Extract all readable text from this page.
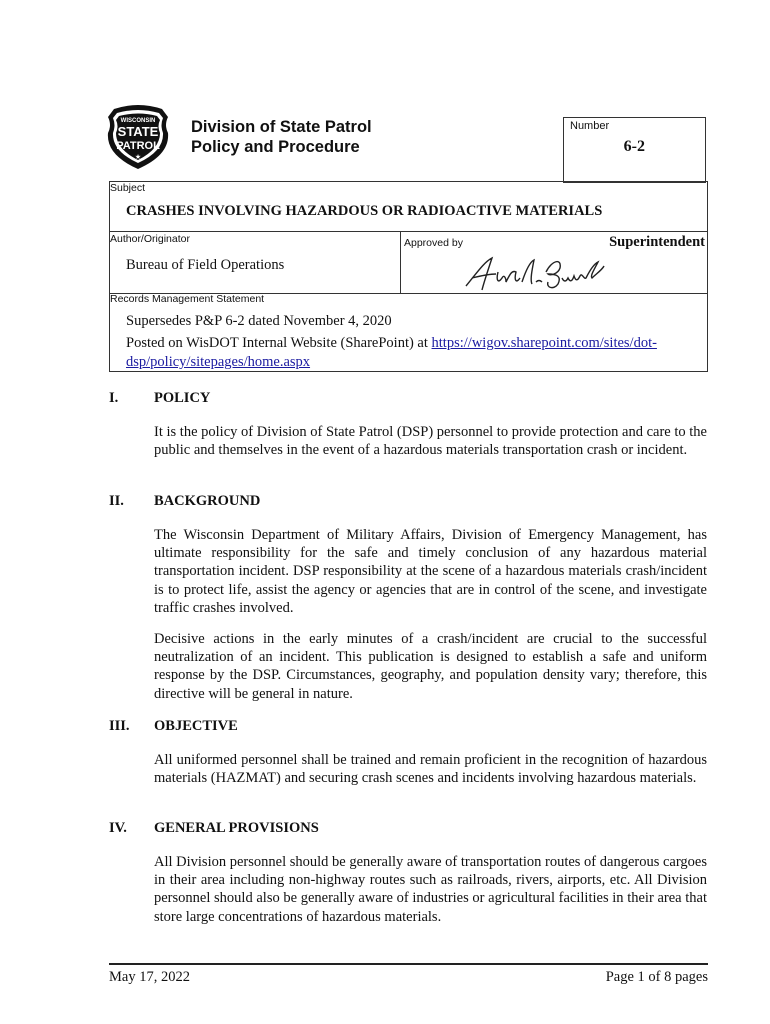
WISCONSIN
STATE
PATROL
★
Division of State Patrol
Policy and Procedure
Number
6-2
Subject
CRASHES INVOLVING HAZARDOUS OR RADIOACTIVE MATERIALS
Author/Originator
Bureau of Field Operations
Approved by	Superintendent
Records Management Statement
Supersedes P&P 6-2 dated November 4, 2020
Posted on WisDOT Internal Website (SharePoint) at https://wigov.sharepoint.com/sites/dot-dsp/policy/sitepages/home.aspx
I. POLICY
It is the policy of Division of State Patrol (DSP) personnel to provide protection and care to the public and themselves in the event of a hazardous materials transportation crash or incident.
II. BACKGROUND
The Wisconsin Department of Military Affairs, Division of Emergency Management, has ultimate responsibility for the safe and timely conclusion of any hazardous material transportation incident. DSP responsibility at the scene of a hazardous materials crash/incident is to protect life, assist the agency or agencies that are in control of the scene, and investigate traffic crashes involved.
Decisive actions in the early minutes of a crash/incident are crucial to the successful neutralization of an incident. This publication is designed to establish a safe and uniform response by the DSP. Circumstances, geography, and population density vary; therefore, this directive will be general in nature.
III. OBJECTIVE
All uniformed personnel shall be trained and remain proficient in the recognition of hazardous materials (HAZMAT) and securing crash scenes and incidents involving hazardous materials.
IV. GENERAL PROVISIONS
All Division personnel should be generally aware of transportation routes of dangerous cargoes in their area including non-highway routes such as railroads, rivers, airports, etc. All Division personnel should also be generally aware of industries or agricultural facilities in their area that store large concentrations of hazardous materials.
May 17, 2022	Page 1 of 8 pages
